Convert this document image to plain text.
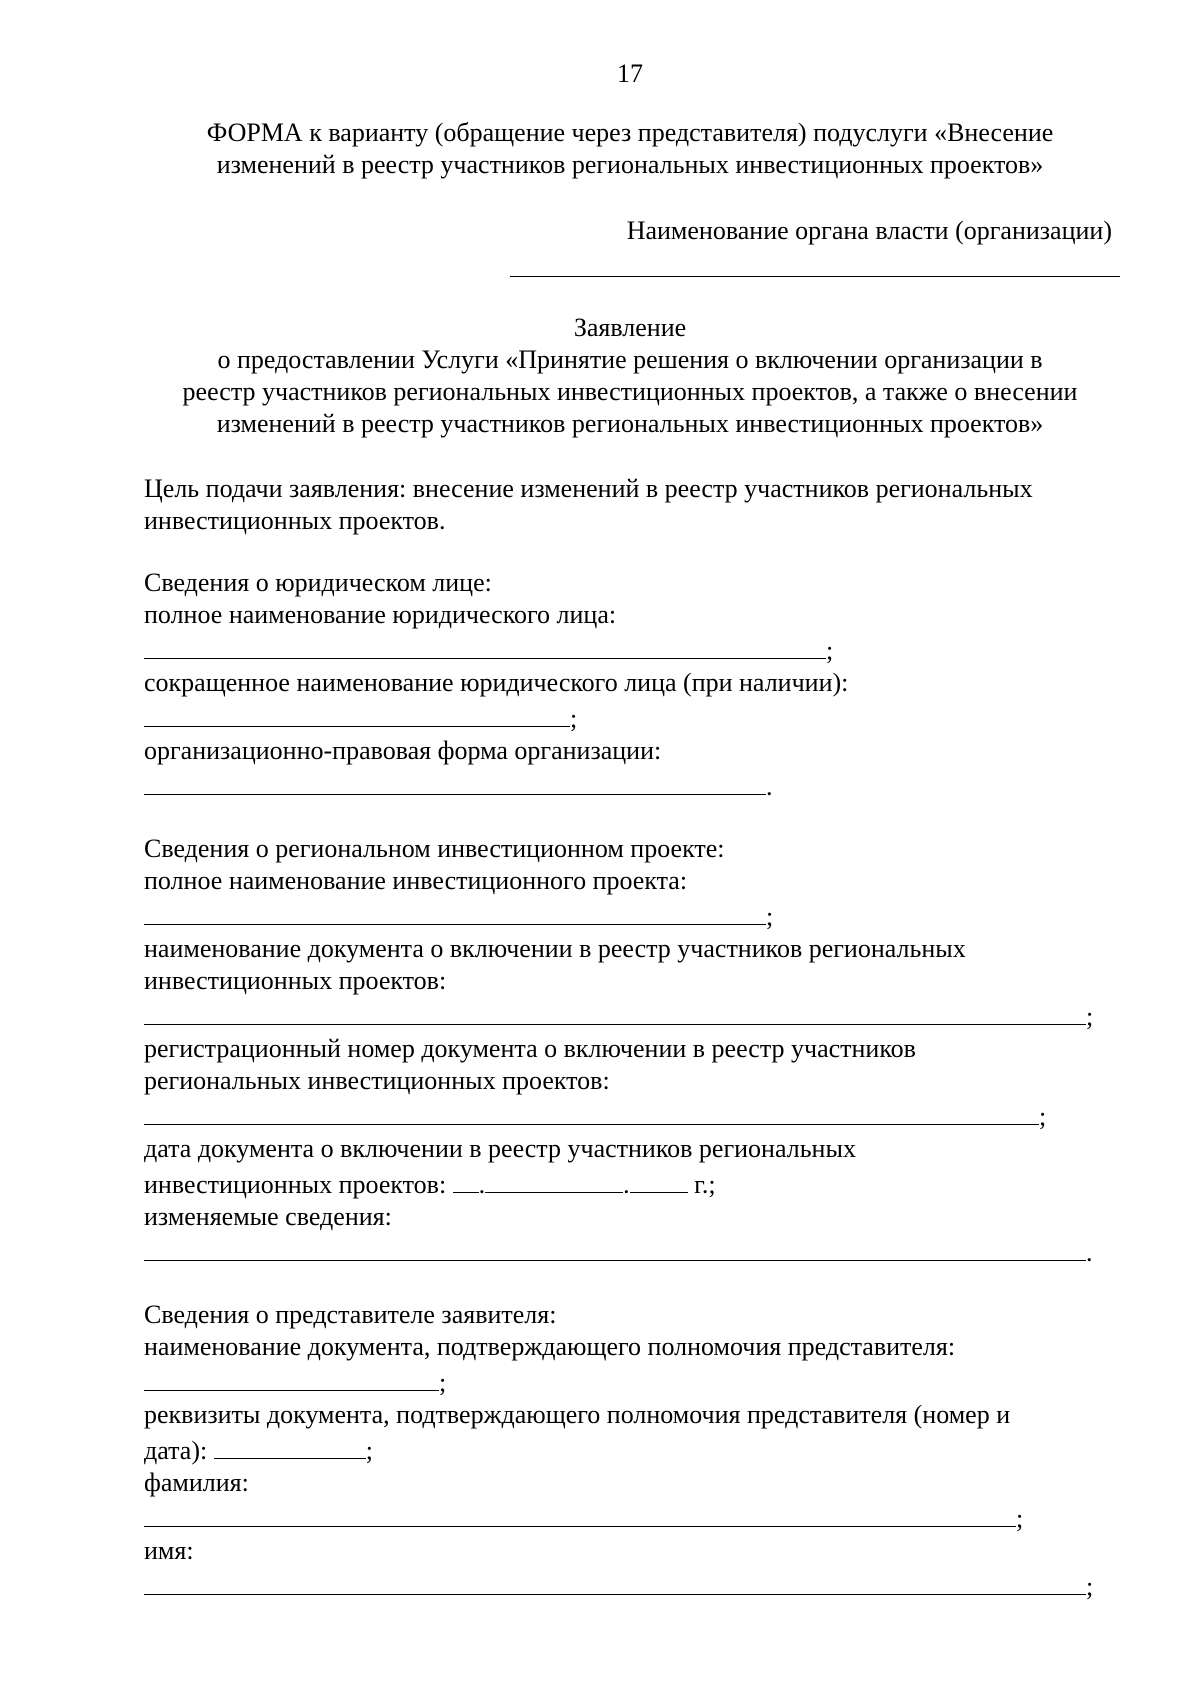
17
ФОРМА к варианту (обращение через представителя) подуслуги «Внесение
изменений в реестр участников региональных инвестиционных проектов»
Наименование органа власти (организации)
Заявление
о предоставлении Услуги «Принятие решения о включении организации в
реестр участников региональных инвестиционных проектов, а также о внесении
изменений в реестр участников региональных инвестиционных проектов»

Цель подачи заявления: внесение изменений в реестр участников региональных

инвестиционных проектов.

Сведения о юридическом лице:

полное наименование юридического лица:

;

сокращенное наименование юридического лица (при наличии):

;

организационно-правовая форма организации:

.

Сведения о региональном инвестиционном проекте:

полное наименование инвестиционного проекта:

;

наименование документа о включении в реестр участников региональных

инвестиционных проектов:

;

регистрационный номер документа о включении в реестр участников

региональных инвестиционных проектов:

;

дата документа о включении в реестр участников региональных

инвестиционных проектов: .	. г.;

изменяемые сведения:

.

Сведения о представителе заявителя:

наименование документа, подтверждающего полномочия представителя:

;

реквизиты документа, подтверждающего полномочия представителя (номер и

дата):	;

фамилия:

;

имя:

;
